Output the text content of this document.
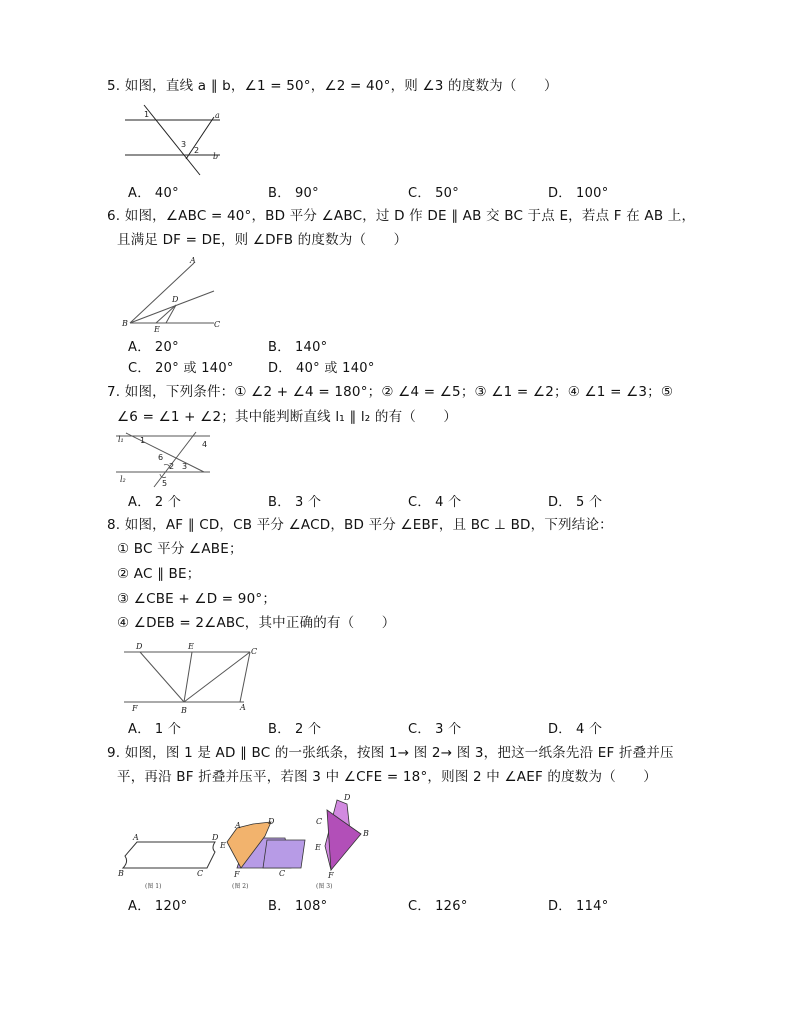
5. 如图，直线 a ∥ b，∠1 = 50°，∠2 = 40°，则 ∠3 的度数为（　　）
1
3
2
a
b
A． 40°	B． 90°	C． 50°	D． 100°
6. 如图，∠ABC = 40°，BD 平分 ∠ABC，过 D 作 DE ∥ AB 交 BC 于点 E，若点 F 在 AB 上，
且满足 DF = DE，则 ∠DFB 的度数为（　　）
A
B	C
D
E
A． 20°	B． 140°
C． 20° 或 140°	D． 40° 或 140°
7. 如图，下列条件：① ∠2 + ∠4 = 180°；② ∠4 = ∠5；③ ∠1 = ∠2；④ ∠1 = ∠3；⑤
∠6 = ∠1 + ∠2；其中能判断直线 l₁ ∥ l₂ 的有（　　）
l₁
l₂
1
2 3
4
5
6
A． 2 个	B． 3 个	C． 4 个	D． 5 个
8. 如图，AF ∥ CD，CB 平分 ∠ACD，BD 平分 ∠EBF，且 BC ⊥ BD，下列结论：
① BC 平分 ∠ABE；
② AC ∥ BE；
③ ∠CBE + ∠D = 90°；
④ ∠DEB = 2∠ABC，其中正确的有（　　）
D	E
C
F	B	A
A． 1 个	B． 2 个	C． 3 个	D． 4 个
9. 如图，图 1 是 AD ∥ BC 的一张纸条，按图 1→ 图 2→ 图 3，把这一纸条先沿 EF 折叠并压
平，再沿 BF 折叠并压平，若图 3 中 ∠CFE = 18°，则图 2 中 ∠AEF 的度数为（　　）
A	D
B	C
(图 1)
A	D
E
F	C
(图 2)
D
C
B
E
F
(图 3)
A． 120°	B． 108°	C． 126°	D． 114°
